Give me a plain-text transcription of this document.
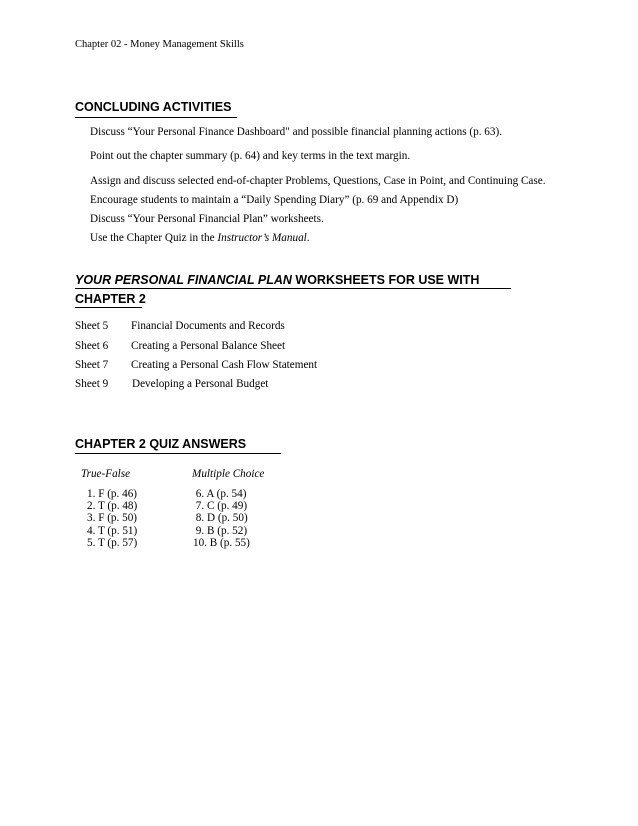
Chapter 02 - Money Management Skills
CONCLUDING ACTIVITIES
Discuss “Your Personal Finance Dashboard" and possible financial planning actions (p. 63).
Point out the chapter summary (p. 64) and key terms in the text margin.
Assign and discuss selected end-of-chapter Problems, Questions, Case in Point, and Continuing Case.
Encourage students to maintain a “Daily Spending Diary” (p. 69 and Appendix D)
Discuss “Your Personal Financial Plan” worksheets.
Use the Chapter Quiz in the Instructor’s Manual.
YOUR PERSONAL FINANCIAL PLAN WORKSHEETS FOR USE WITH
CHAPTER 2
Sheet 5 Financial Documents and Records
Sheet 6 Creating a Personal Balance Sheet
Sheet 7 Creating a Personal Cash Flow Statement
Sheet 9 Developing a Personal Budget
CHAPTER 2 QUIZ ANSWERS
True-False	Multiple Choice
1. F (p. 46)
2. T (p. 48)
3. F (p. 50)
4. T (p. 51)
5. T (p. 57)
6. A (p. 54)
7. C (p. 49)
8. D (p. 50)
9. B (p. 52)
10. B (p. 55)
